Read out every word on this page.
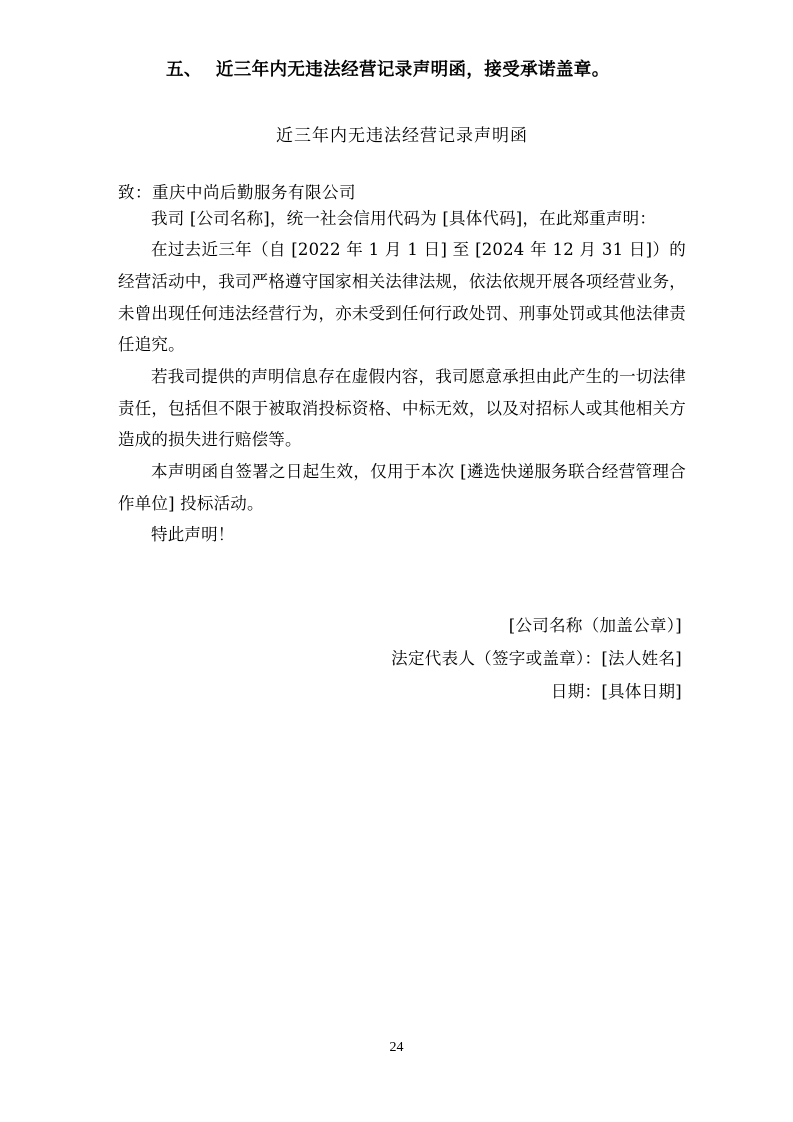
五、 近三年内无违法经营记录声明函，接受承诺盖章。
近三年内无违法经营记录声明函
致：重庆中尚后勤服务有限公司

我司 [公司名称]，统一社会信用代码为 [具体代码]，在此郑重声明：

在过去近三年（自 [2022 年 1 月 1 日] 至 [2024 年 12 月 31 日]）的经营活动中，我司严格遵守国家相关法律法规，依法依规开展各项经营业务，未曾出现任何违法经营行为，亦未受到任何行政处罚、刑事处罚或其他法律责任追究。

若我司提供的声明信息存在虚假内容，我司愿意承担由此产生的一切法律责任，包括但不限于被取消投标资格、中标无效，以及对招标人或其他相关方造成的损失进行赔偿等。

本声明函自签署之日起生效，仅用于本次 [遴选快递服务联合经营管理合作单位] 投标活动。

特此声明！

[公司名称（加盖公章）]
法定代表人（签字或盖章）：[法人姓名]
日期：[具体日期]
24
